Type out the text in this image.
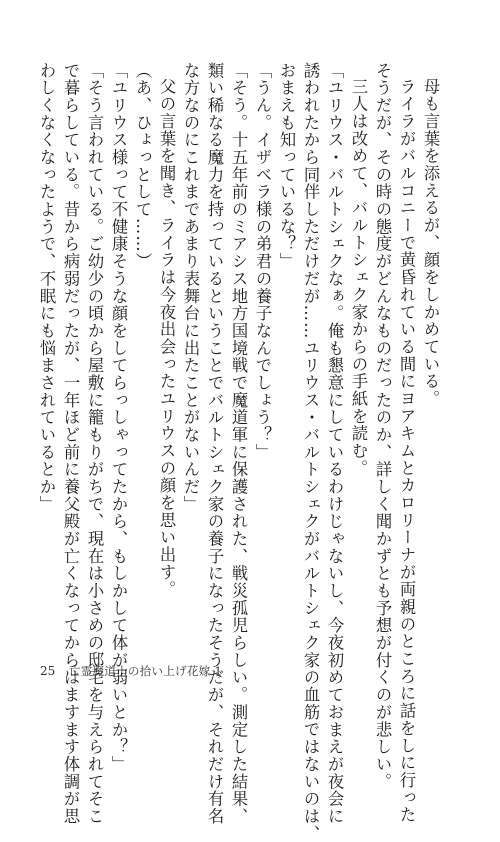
母も言葉を添えるが、顔をしかめている。
ライラがバルコニーで黄昏れている間にヨアキムとカロリーナが両親のところに話をしに行った
そうだが、その時の態度がどんなものだったのか、詳しく聞かずとも予想が付くのが悲しい。
三人は改めて、バルトシェク家からの手紙を読む。
「ユリウス・バルトシェクなぁ。俺も懇意にしているわけじゃないし、今夜初めておまえが夜会に
誘われたから同伴しただけだが……ユリウス・バルトシェクがバルトシェク家の血筋ではないのは、
おまえも知っているな？」
「うん。イザベラ様の弟君の養子なんでしょう？」
「そう。十五年前のミアシス地方国境戦で魔道軍に保護された、戦災孤児らしい。測定した結果、
類い稀なる魔力を持っているということでバルトシェク家の養子になったそうだが、それだけ有名
な方なのにこれまであまり表舞台に出たことがないんだ」
父の言葉を聞き、ライラは今夜出会ったユリウスの顔を思い出す。
（あ、ひょっとして……）
「ユリウス様って不健康そうな顔をしてらっしゃってたから、もしかして体が弱いとか？」
「そう言われている。ご幼少の頃から屋敷に籠もりがちで、現在は小さめの邸宅を与えられてそこ
で暮らしている。昔から病弱だったが、一年ほど前に養父殿が亡くなってからはますます体調が思
わしくなくなったようで、不眠にも悩まされているとか」
25 亡霊魔道士の拾い上げ花嫁 1
